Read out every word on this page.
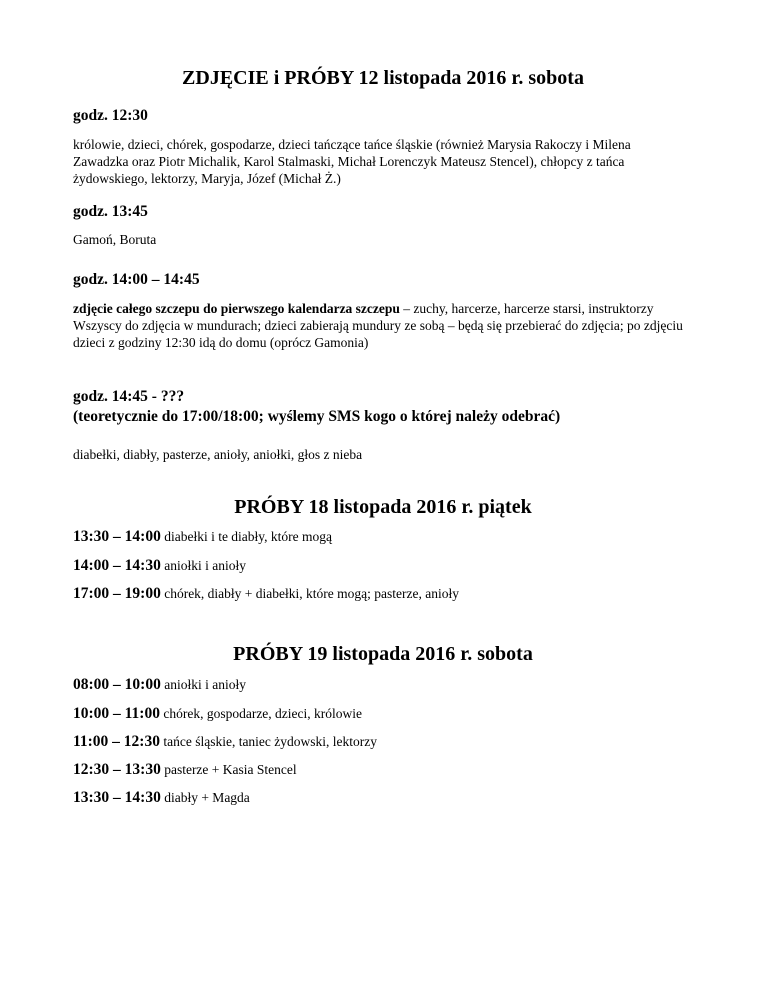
ZDJĘCIE i PRÓBY 12 listopada 2016 r. sobota

godz. 12:30

królowie, dzieci, chórek, gospodarze, dzieci tańczące tańce śląskie (również Marysia Rakoczy i Milena Zawadzka oraz Piotr Michalik, Karol Stalmaski, Michał Lorenczyk Mateusz Stencel), chłopcy z tańca żydowskiego, lektorzy, Maryja, Józef (Michał Ż.)

godz. 13:45

Gamoń, Boruta

godz. 14:00 – 14:45

zdjęcie całego szczepu do pierwszego kalendarza szczepu – zuchy, harcerze, harcerze starsi, instruktorzy
Wszyscy do zdjęcia w mundurach; dzieci zabierają mundury ze sobą – będą się przebierać do zdjęcia; po zdjęciu dzieci z godziny 12:30 idą do domu (oprócz Gamonia)

godz. 14:45 - ???

(teoretycznie do 17:00/18:00; wyślemy SMS kogo o której należy odebrać)

diabełki, diabły, pasterze, anioły, aniołki, głos z nieba

PRÓBY 18 listopada 2016 r. piątek

13:30 – 14:00 diabełki i te diabły, które mogą

14:00 – 14:30 aniołki i anioły

17:00 – 19:00 chórek, diabły + diabełki, które mogą; pasterze, anioły

PRÓBY 19 listopada 2016 r. sobota

08:00 – 10:00 aniołki i anioły

10:00 – 11:00 chórek, gospodarze, dzieci, królowie

11:00 – 12:30 tańce śląskie, taniec żydowski, lektorzy

12:30 – 13:30 pasterze + Kasia Stencel

13:30 – 14:30 diabły + Magda
